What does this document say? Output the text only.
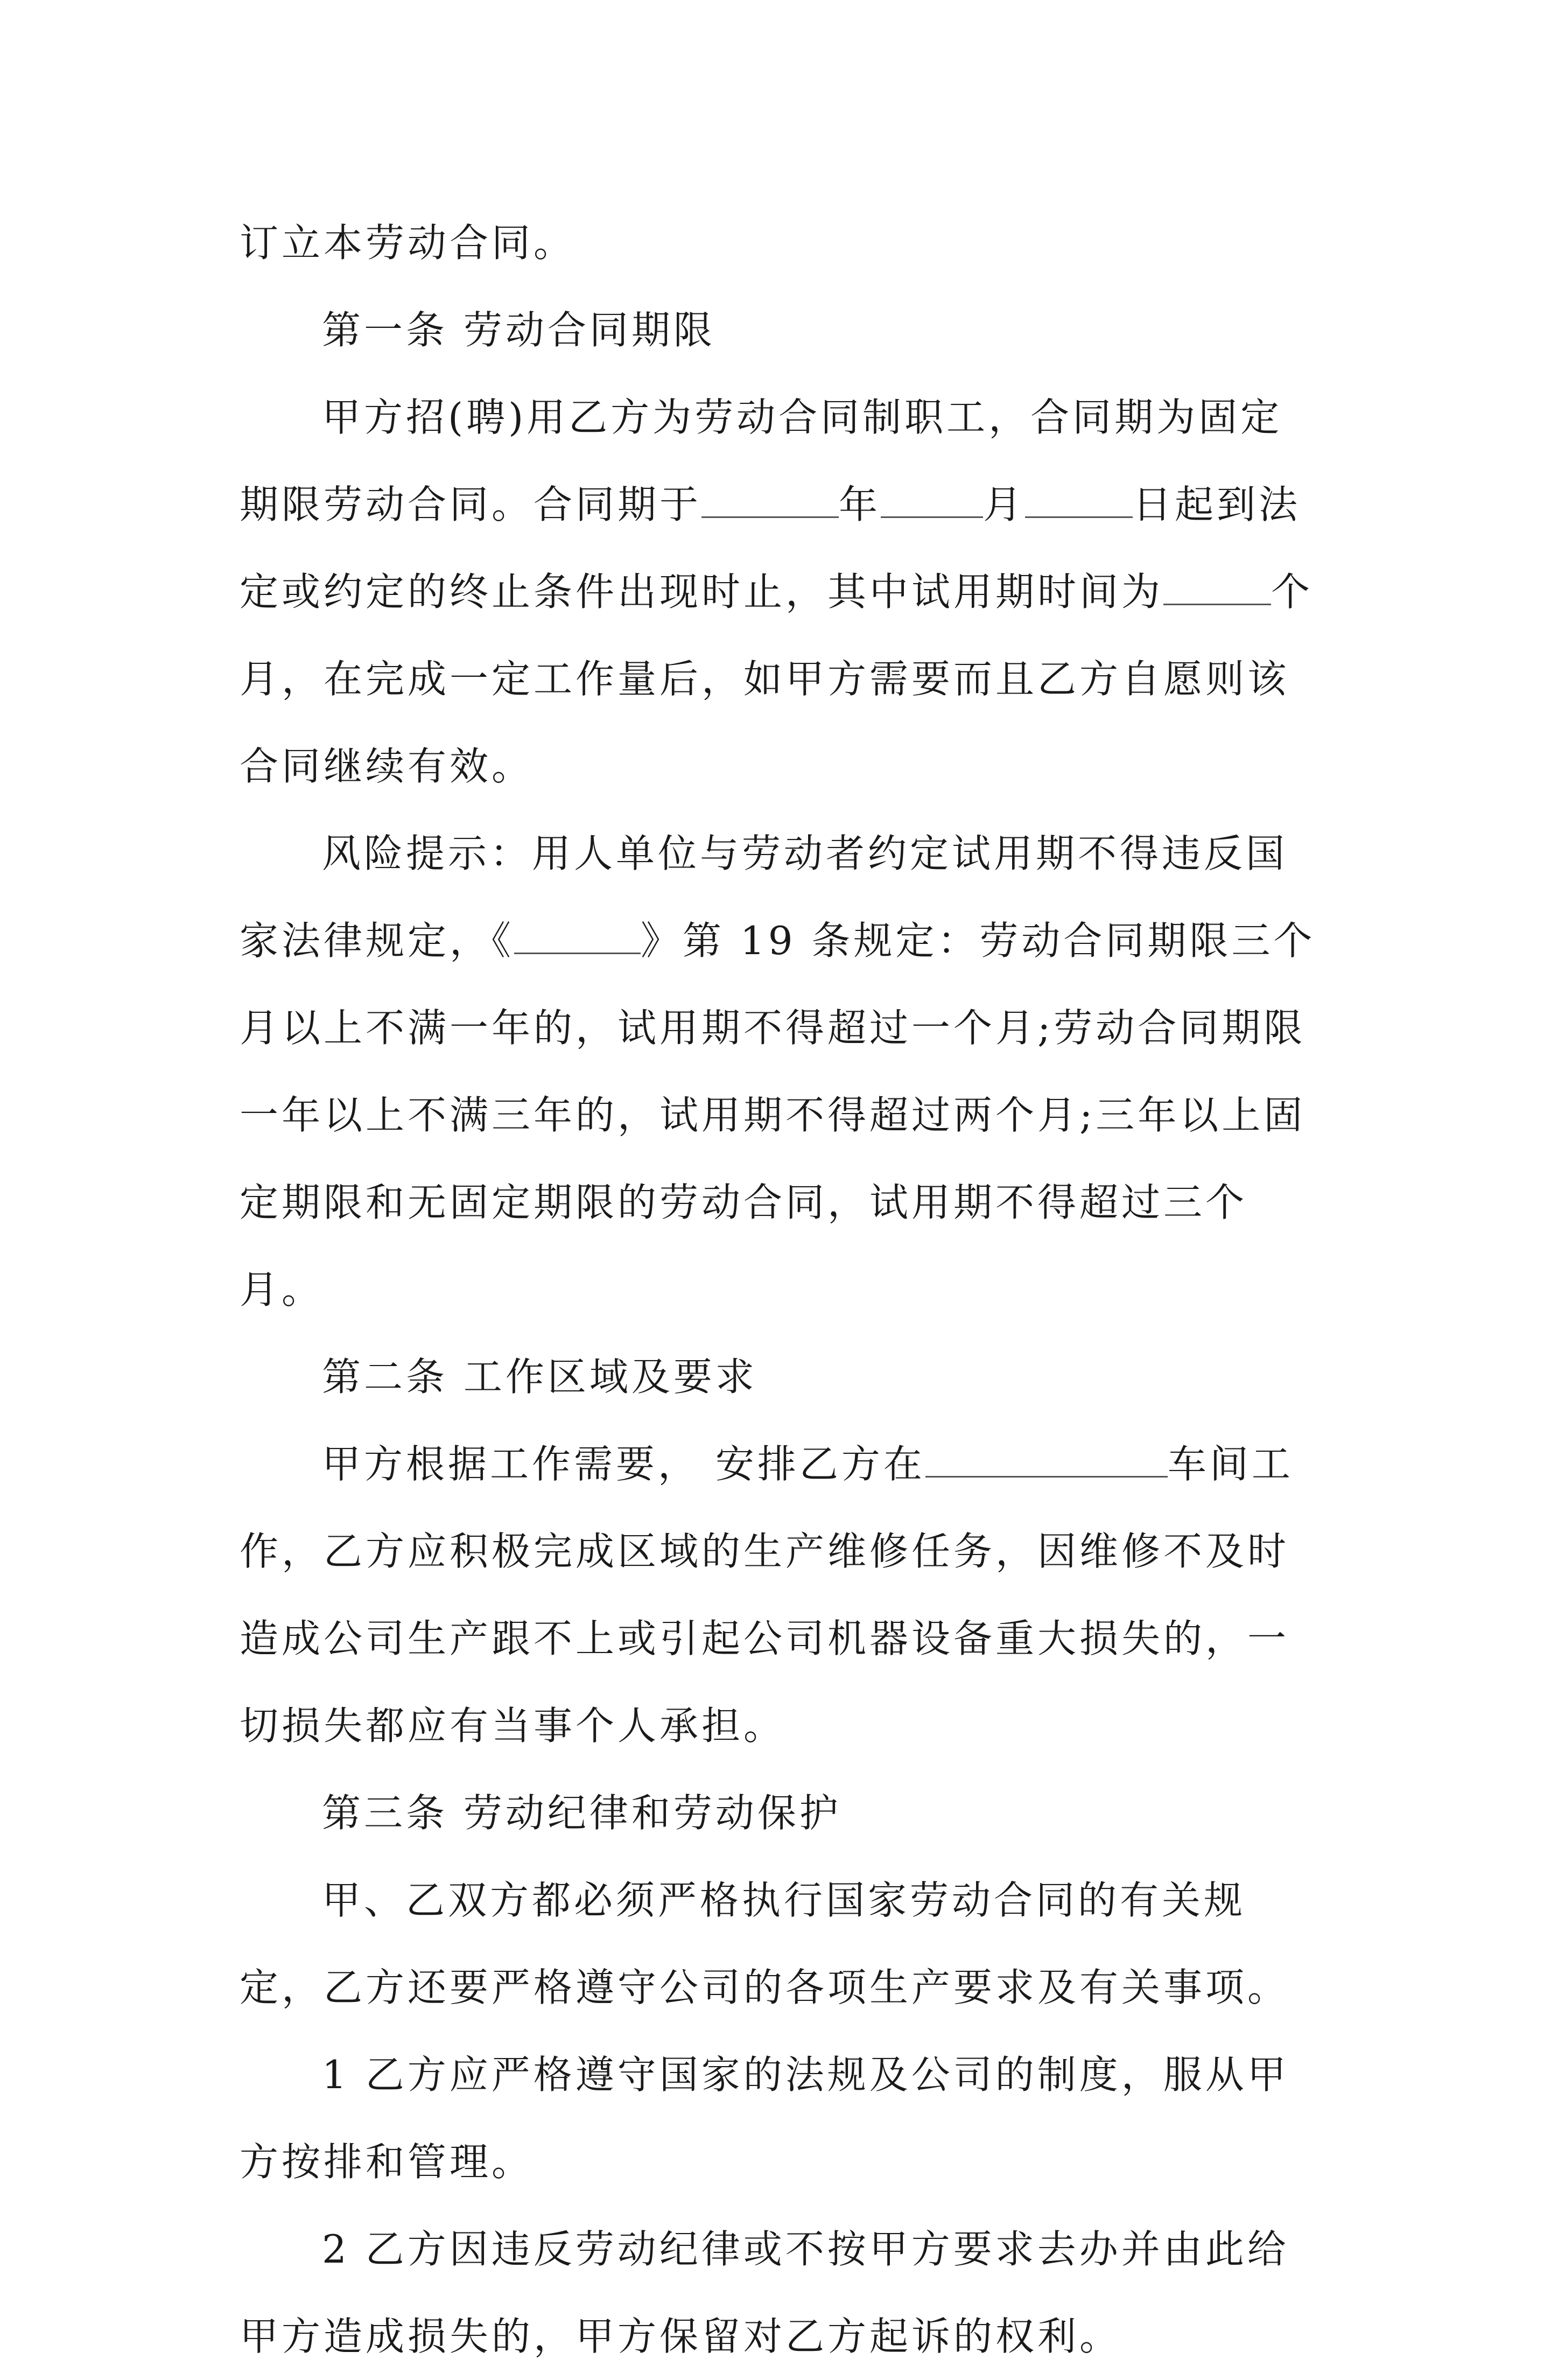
订立本劳动合同。

第一条 劳动合同期限

甲方招(聘)用乙方为劳动合同制职工，合同期为固定期限劳动合同。合同期于	年	月	日起到法定或约定的终止条件出现时止，其中试用期时间为	个月，在完成一定工作量后，如甲方需要而且乙方自愿则该合同继续有效。

风险提示：用人单位与劳动者约定试用期不得违反国家法律规定，《	》第 19 条规定：劳动合同期限三个月以上不满一年的，试用期不得超过一个月;劳动合同期限一年以上不满三年的，试用期不得超过两个月;三年以上固定期限和无固定期限的劳动合同，试用期不得超过三个月。

第二条 工作区域及要求

甲方根据工作需要， 安排乙方在	车间工作，乙方应积极完成区域的生产维修任务，因维修不及时造成公司生产跟不上或引起公司机器设备重大损失的，一切损失都应有当事个人承担。

第三条 劳动纪律和劳动保护

甲、乙双方都必须严格执行国家劳动合同的有关规定，乙方还要严格遵守公司的各项生产要求及有关事项。

1 乙方应严格遵守国家的法规及公司的制度，服从甲方按排和管理。

2 乙方因违反劳动纪律或不按甲方要求去办并由此给甲方造成损失的，甲方保留对乙方起诉的权利。
